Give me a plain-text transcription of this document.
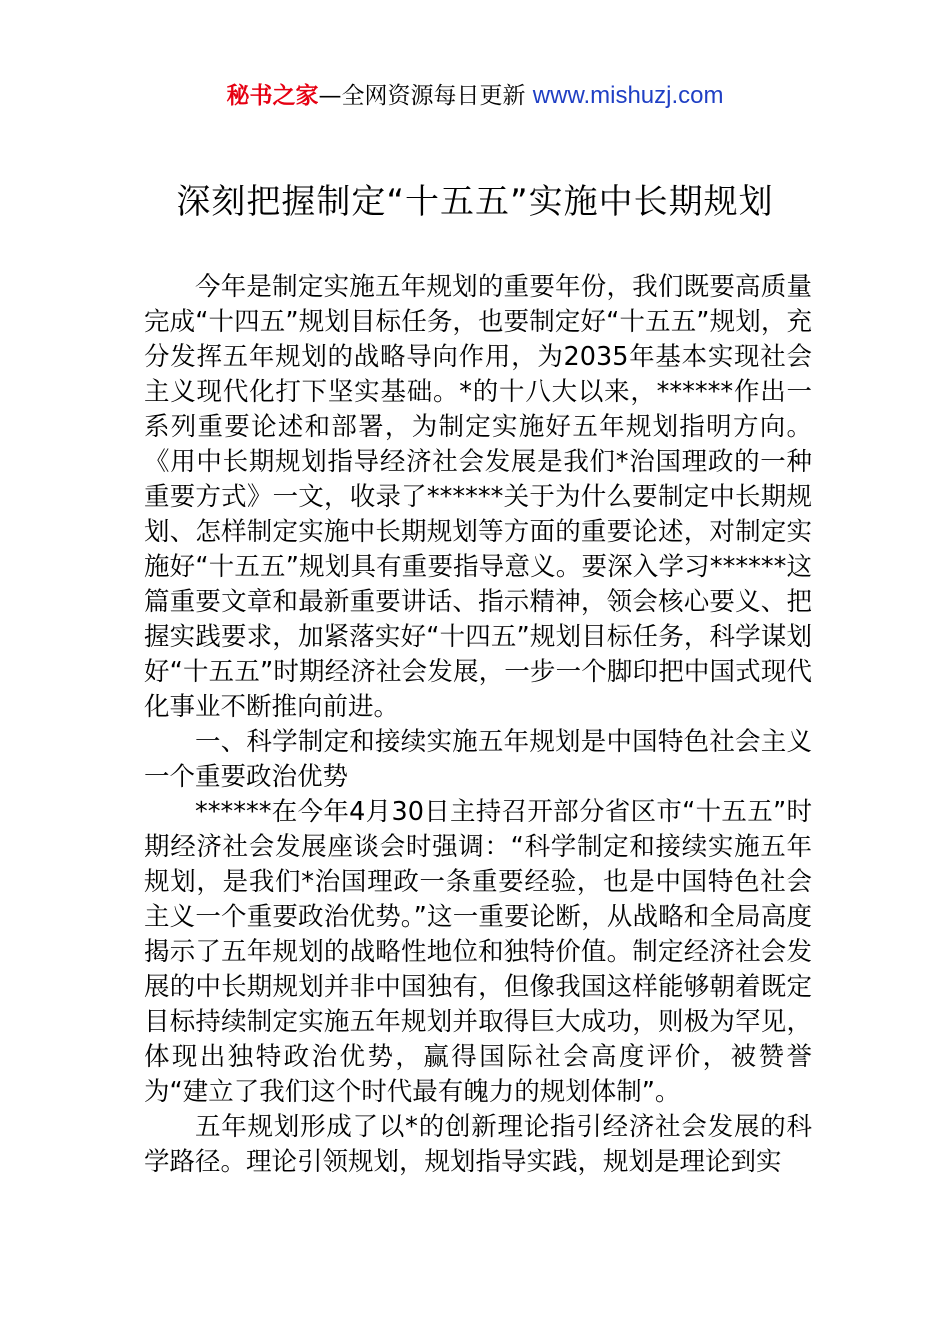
秘书之家—全网资源每日更新 www.mishuzj.com
深刻把握制定“十五五”实施中长期规划

今年是制定实施五年规划的重要年份，我们既要高质量完成“十四五”规划目标任务，也要制定好“十五五”规划，充分发挥五年规划的战略导向作用，为2035年基本实现社会主义现代化打下坚实基础。*的十八大以来，******作出一系列重要论述和部署，为制定实施好五年规划指明方向。《用中长期规划指导经济社会发展是我们*治国理政的一种重要方式》一文，收录了******关于为什么要制定中长期规划、怎样制定实施中长期规划等方面的重要论述，对制定实施好“十五五”规划具有重要指导意义。要深入学习******这篇重要文章和最新重要讲话、指示精神，领会核心要义、把握实践要求，加紧落实好“十四五”规划目标任务，科学谋划好“十五五”时期经济社会发展，一步一个脚印把中国式现代化事业不断推向前进。

一、科学制定和接续实施五年规划是中国特色社会主义一个重要政治优势

******在今年4月30日主持召开部分省区市“十五五”时期经济社会发展座谈会时强调：“科学制定和接续实施五年规划，是我们*治国理政一条重要经验，也是中国特色社会主义一个重要政治优势。”这一重要论断，从战略和全局高度揭示了五年规划的战略性地位和独特价值。制定经济社会发展的中长期规划并非中国独有，但像我国这样能够朝着既定目标持续制定实施五年规划并取得巨大成功，则极为罕见，体现出独特政治优势，赢得国际社会高度评价，被赞誉为“建立了我们这个时代最有魄力的规划体制”。

五年规划形成了以*的创新理论指引经济社会发展的科学路径。理论引领规划，规划指导实践，规划是理论到实
